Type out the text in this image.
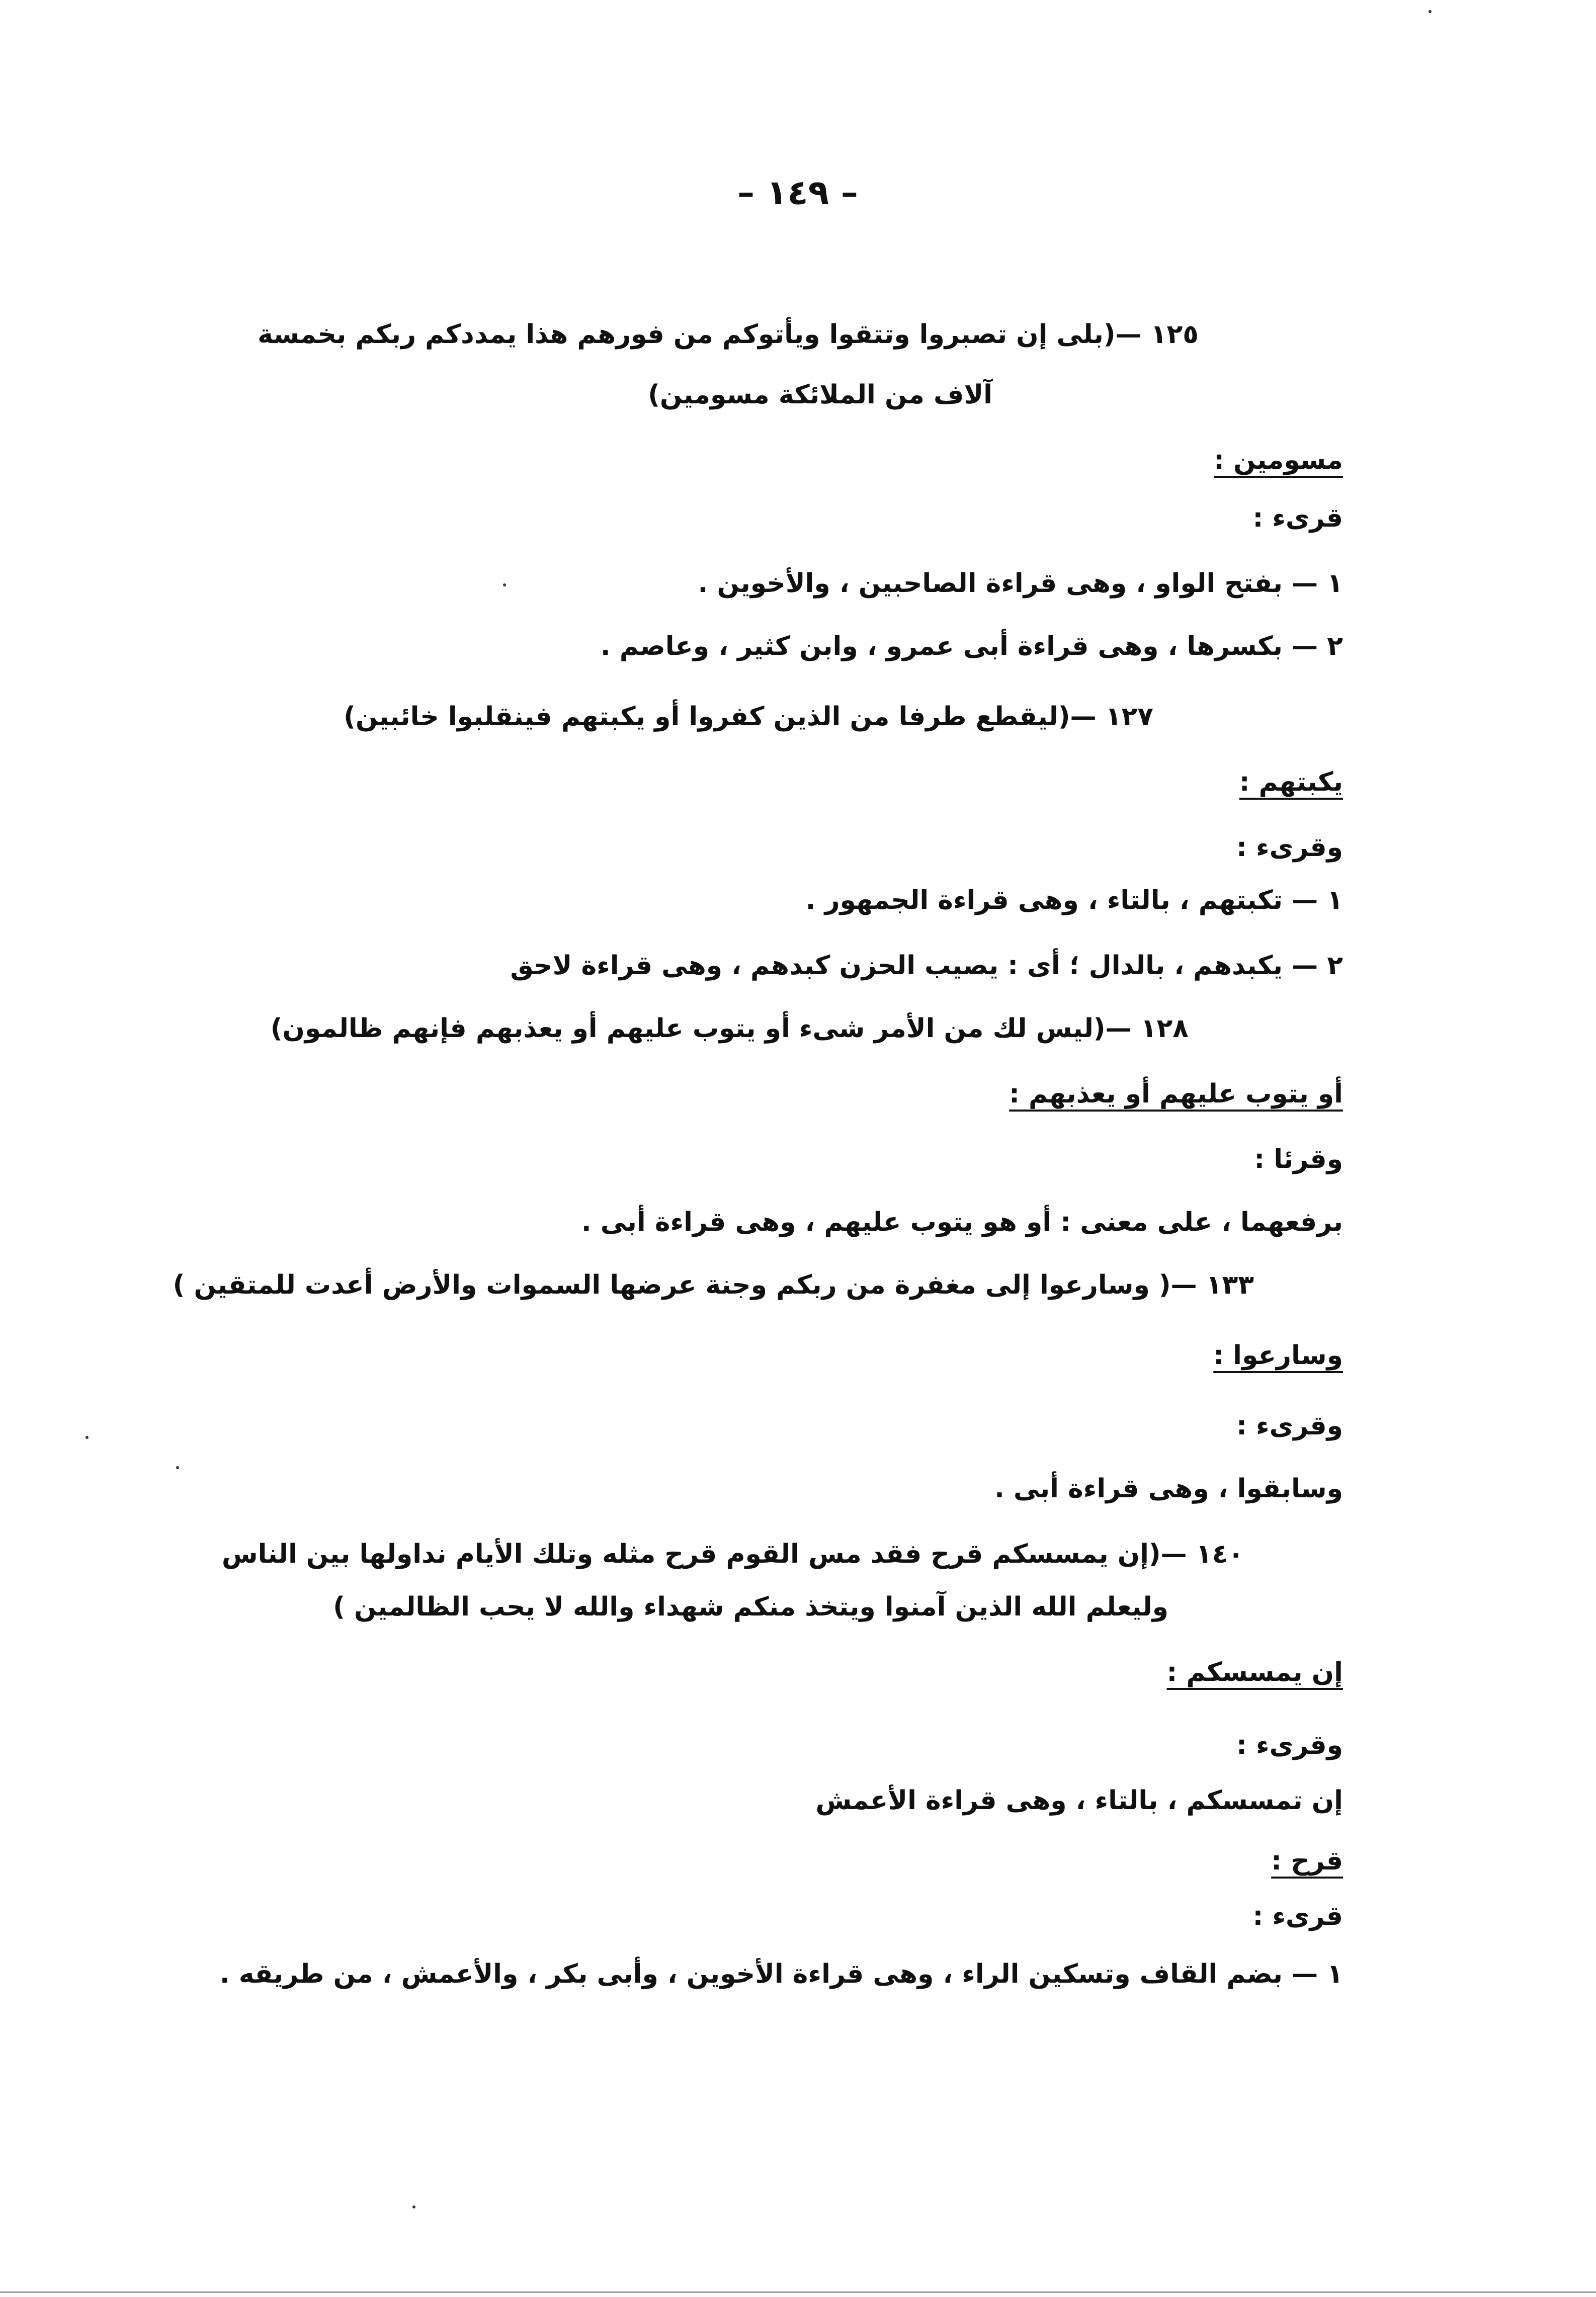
– ١٤٩ –
١٢٥ —(بلى إن تصبروا وتتقوا ويأتوكم من فورهم هذا يمددكم ربكم بخمسة
آلاف من الملائكة مسومين)
مسومين :
قرىء :
١ — بفتح الواو ، وهى قراءة الصاحبين ، والأخوين .
٢ — بكسرها ، وهى قراءة أبى عمرو ، وابن كثير ، وعاصم .
١٢٧ —(ليقطع طرفا من الذين كفروا أو يكبتهم فينقلبوا خائبين)
يكبتهم :
وقرىء :
١ — تكبتهم ، بالتاء ، وهى قراءة الجمهور .
٢ — يكبدهم ، بالدال ؛ أى : يصيب الحزن كبدهم ، وهى قراءة لاحق
١٢٨ —(ليس لك من الأمر شىء أو يتوب عليهم أو يعذبهم فإنهم ظالمون)
أو يتوب عليهم أو يعذبهم :
وقرئا :
برفعهما ، على معنى : أو هو يتوب عليهم ، وهى قراءة أبى .
١٣٣ —( وسارعوا إلى مغفرة من ربكم وجنة عرضها السموات والأرض أعدت للمتقين )
وسارعوا :
وقرىء :
وسابقوا ، وهى قراءة أبى .
١٤٠ —(إن يمسسكم قرح فقد مس القوم قرح مثله وتلك الأيام نداولها بين الناس
وليعلم الله الذين آمنوا ويتخذ منكم شهداء والله لا يحب الظالمين )
إن يمسسكم :
وقرىء :
إن تمسسكم ، بالتاء ، وهى قراءة الأعمش
قرح :
قرىء :
١ — بضم القاف وتسكين الراء ، وهى قراءة الأخوين ، وأبى بكر ، والأعمش ، من طريقه .
